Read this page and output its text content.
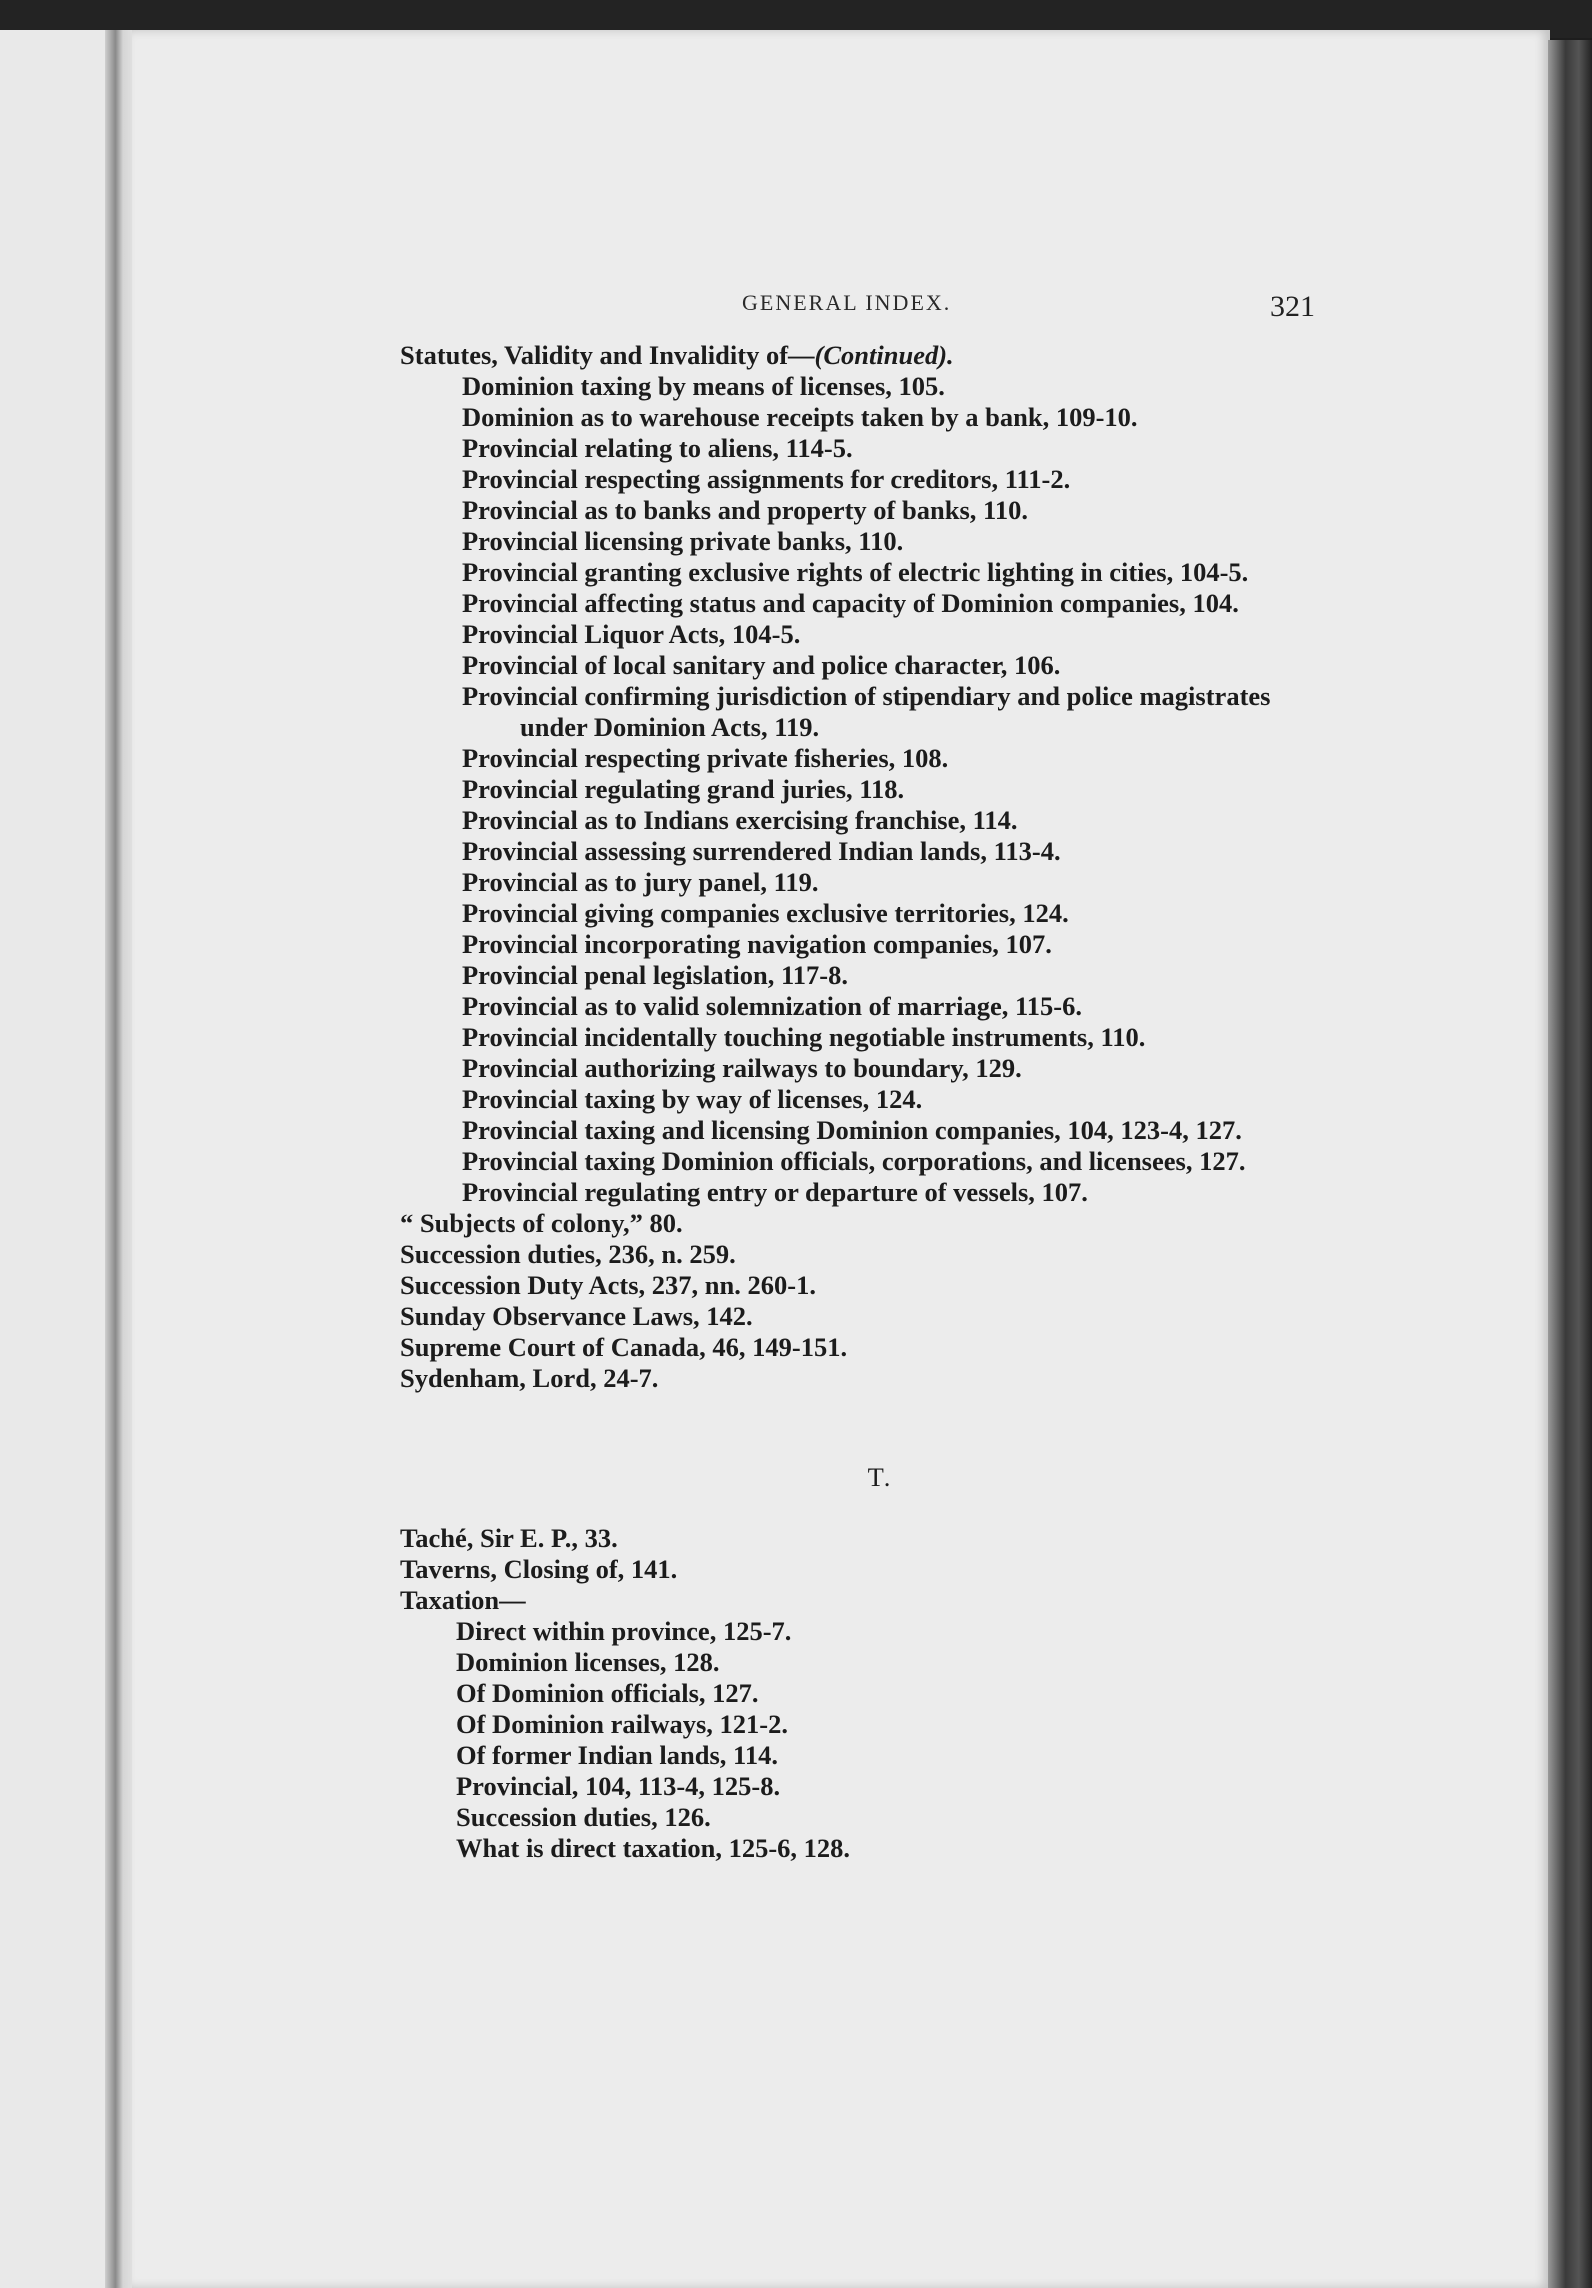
GENERAL INDEX.	321
Statutes, Validity and Invalidity of—(Continued).
Dominion taxing by means of licenses, 105.
Dominion as to warehouse receipts taken by a bank, 109-10.
Provincial relating to aliens, 114-5.
Provincial respecting assignments for creditors, 111-2.
Provincial as to banks and property of banks, 110.
Provincial licensing private banks, 110.
Provincial granting exclusive rights of electric lighting in cities, 104-5.
Provincial affecting status and capacity of Dominion companies, 104.
Provincial Liquor Acts, 104-5.
Provincial of local sanitary and police character, 106.
Provincial confirming jurisdiction of stipendiary and police magistrates under Dominion Acts, 119.
Provincial respecting private fisheries, 108.
Provincial regulating grand juries, 118.
Provincial as to Indians exercising franchise, 114.
Provincial assessing surrendered Indian lands, 113-4.
Provincial as to jury panel, 119.
Provincial giving companies exclusive territories, 124.
Provincial incorporating navigation companies, 107.
Provincial penal legislation, 117-8.
Provincial as to valid solemnization of marriage, 115-6.
Provincial incidentally touching negotiable instruments, 110.
Provincial authorizing railways to boundary, 129.
Provincial taxing by way of licenses, 124.
Provincial taxing and licensing Dominion companies, 104, 123-4, 127.
Provincial taxing Dominion officials, corporations, and licensees, 127.
Provincial regulating entry or departure of vessels, 107.
“ Subjects of colony,” 80.
Succession duties, 236, n. 259.
Succession Duty Acts, 237, nn. 260-1.
Sunday Observance Laws, 142.
Supreme Court of Canada, 46, 149-151.
Sydenham, Lord, 24-7.
T.
Taché, Sir E. P., 33.
Taverns, Closing of, 141.
Taxation—
Direct within province, 125-7.
Dominion licenses, 128.
Of Dominion officials, 127.
Of Dominion railways, 121-2.
Of former Indian lands, 114.
Provincial, 104, 113-4, 125-8.
Succession duties, 126.
What is direct taxation, 125-6, 128.
